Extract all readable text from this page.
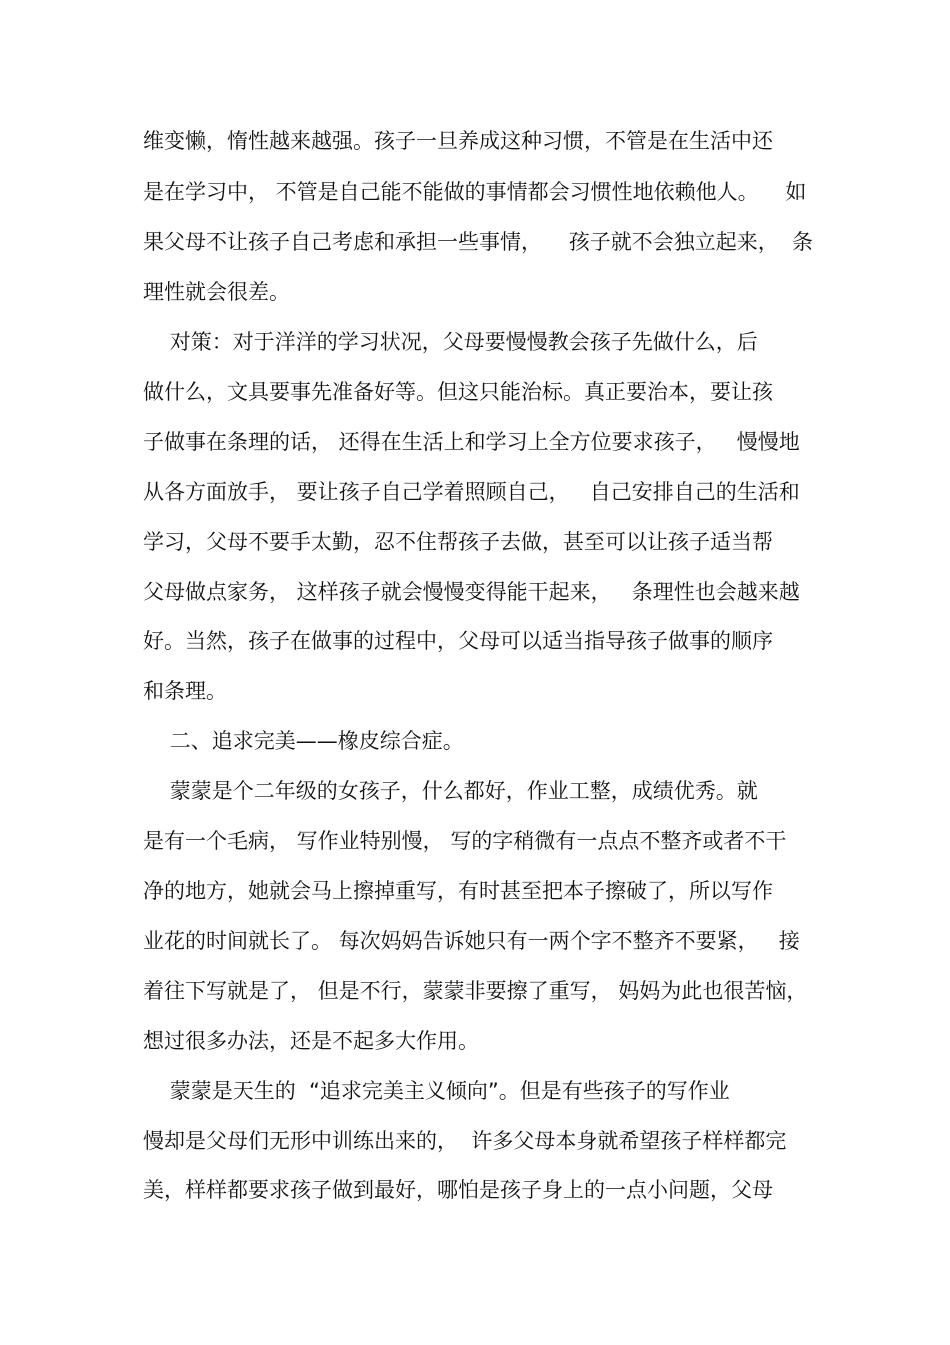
维变懒，惰性越来越强。孩子一旦养成这种习惯，不管是在生活中还
是在学习中， 不管是自己能不能做的事情都会习惯性地依赖他人。    如
果父母不让孩子自己考虑和承担一些事情，    孩子就不会独立起来，  条
理性就会很差。
对策：对于洋洋的学习状况，父母要慢慢教会孩子先做什么，后
做什么，文具要事先准备好等。但这只能治标。真正要治本，要让孩
子做事在条理的话， 还得在生活上和学习上全方位要求孩子，   慢慢地
从各方面放手， 要让孩子自己学着照顾自己，   自己安排自己的生活和
学习，父母不要手太勤，忍不住帮孩子去做，甚至可以让孩子适当帮
父母做点家务， 这样孩子就会慢慢变得能干起来，   条理性也会越来越
好。当然，孩子在做事的过程中，父母可以适当指导孩子做事的顺序
和条理。
二、追求完美——橡皮综合症。
蒙蒙是个二年级的女孩子，什么都好，作业工整，成绩优秀。就
是有一个毛病， 写作业特别慢， 写的字稍微有一点点不整齐或者不干
净的地方，她就会马上擦掉重写，有时甚至把本子擦破了，所以写作
业花的时间就长了。 每次妈妈告诉她只有一两个字不整齐不要紧，   接
着往下写就是了， 但是不行，蒙蒙非要擦了重写， 妈妈为此也很苦恼，
想过很多办法，还是不起多大作用。
蒙蒙是天生的  “追求完美主义倾向”。但是有些孩子的写作业
慢却是父母们无形中训练出来的，  许多父母本身就希望孩子样样都完
美，样样都要求孩子做到最好，哪怕是孩子身上的一点小问题，父母
